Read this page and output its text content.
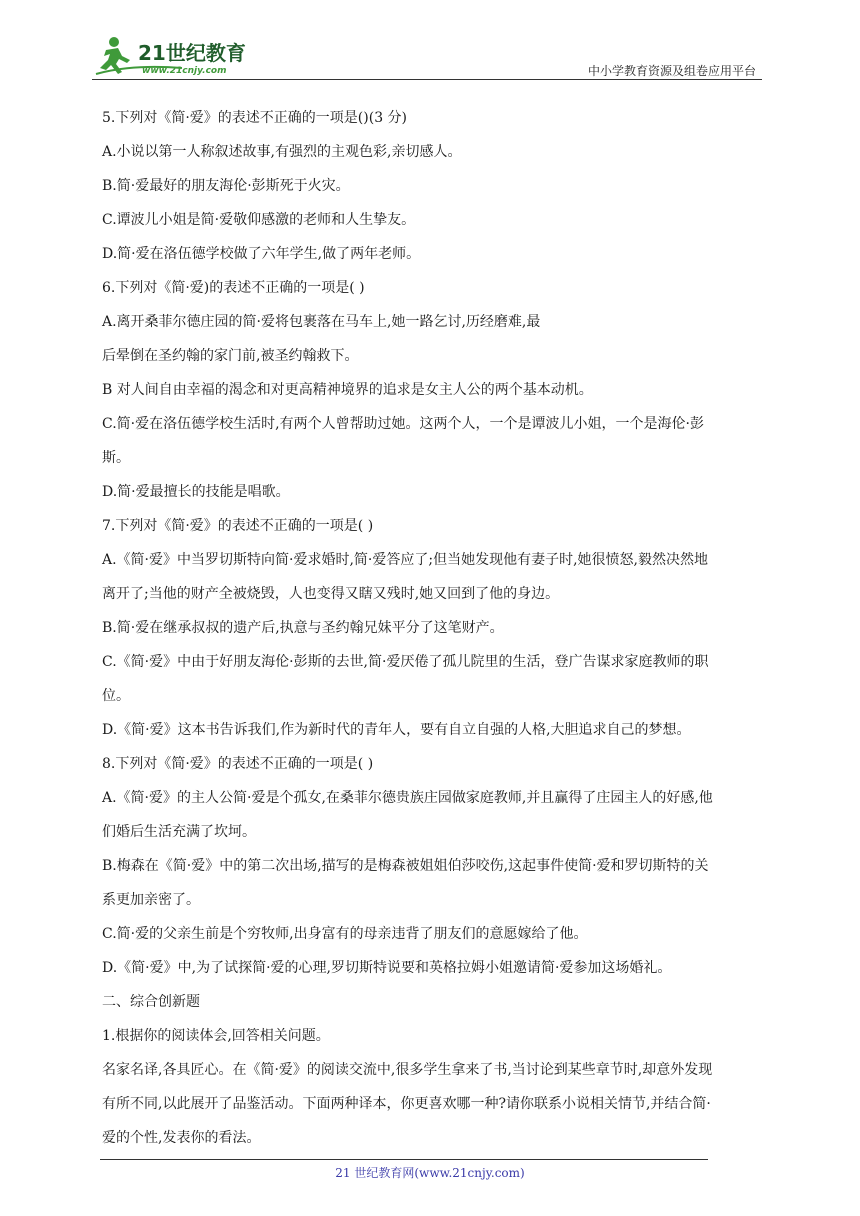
21世纪教育
www.21cnjy.com	中小学教育资源及组卷应用平台
5.下列对《简·爱》的表述不正确的一项是()(3 分)
A.小说以第一人称叙述故事,有强烈的主观色彩,亲切感人。
B.简·爱最好的朋友海伦·彭斯死于火灾。
C.谭波儿小姐是简·爱敬仰感激的老师和人生挚友。
D.简·爱在洛伍德学校做了六年学生,做了两年老师。
6.下列对《简·爱)的表述不正确的一项是( )
A.离开桑菲尔德庄园的简·爱将包裹落在马车上,她一路乞讨,历经磨难,最
后晕倒在圣约翰的家门前,被圣约翰救下。
B 对人间自由幸福的渴念和对更高精神境界的追求是女主人公的两个基本动机。
C.简·爱在洛伍德学校生活时,有两个人曾帮助过她。这两个人，一个是谭波儿小姐，一个是海伦·彭
斯。
D.简·爱最擅长的技能是唱歌。
7.下列对《简·爱》的表述不正确的一项是( )
A.《简·爱》中当罗切斯特向简·爱求婚时,简·爱答应了;但当她发现他有妻子时,她很愤怒,毅然决然地
离开了;当他的财产全被烧毁，人也变得又瞎又残时,她又回到了他的身边。
B.简·爱在继承叔叔的遗产后,执意与圣约翰兄妹平分了这笔财产。
C.《简·爱》中由于好朋友海伦·彭斯的去世,简·爱厌倦了孤儿院里的生活，登广告谋求家庭教师的职
位。
D.《简·爱》这本书告诉我们,作为新时代的青年人，要有自立自强的人格,大胆追求自己的梦想。
8.下列对《简·爱》的表述不正确的一项是( )
A.《简·爱》的主人公简·爱是个孤女,在桑菲尔德贵族庄园做家庭教师,并且赢得了庄园主人的好感,他
们婚后生活充满了坎坷。
B.梅森在《简·爱》中的第二次出场,描写的是梅森被姐姐伯莎咬伤,这起事件使简·爱和罗切斯特的关
系更加亲密了。
C.简·爱的父亲生前是个穷牧师,出身富有的母亲违背了朋友们的意愿嫁给了他。
D.《简·爱》中,为了试探简·爱的心理,罗切斯特说要和英格拉姆小姐邀请简·爱参加这场婚礼。
二、综合创新题
1.根据你的阅读体会,回答相关问题。
名家名译,各具匠心。在《简·爱》的阅读交流中,很多学生拿来了书,当讨论到某些章节时,却意外发现
有所不同,以此展开了品鉴活动。下面两种译本，你更喜欢哪一种?请你联系小说相关情节,并结合简·
爱的个性,发表你的看法。
21 世纪教育网(www.21cnjy.com)
